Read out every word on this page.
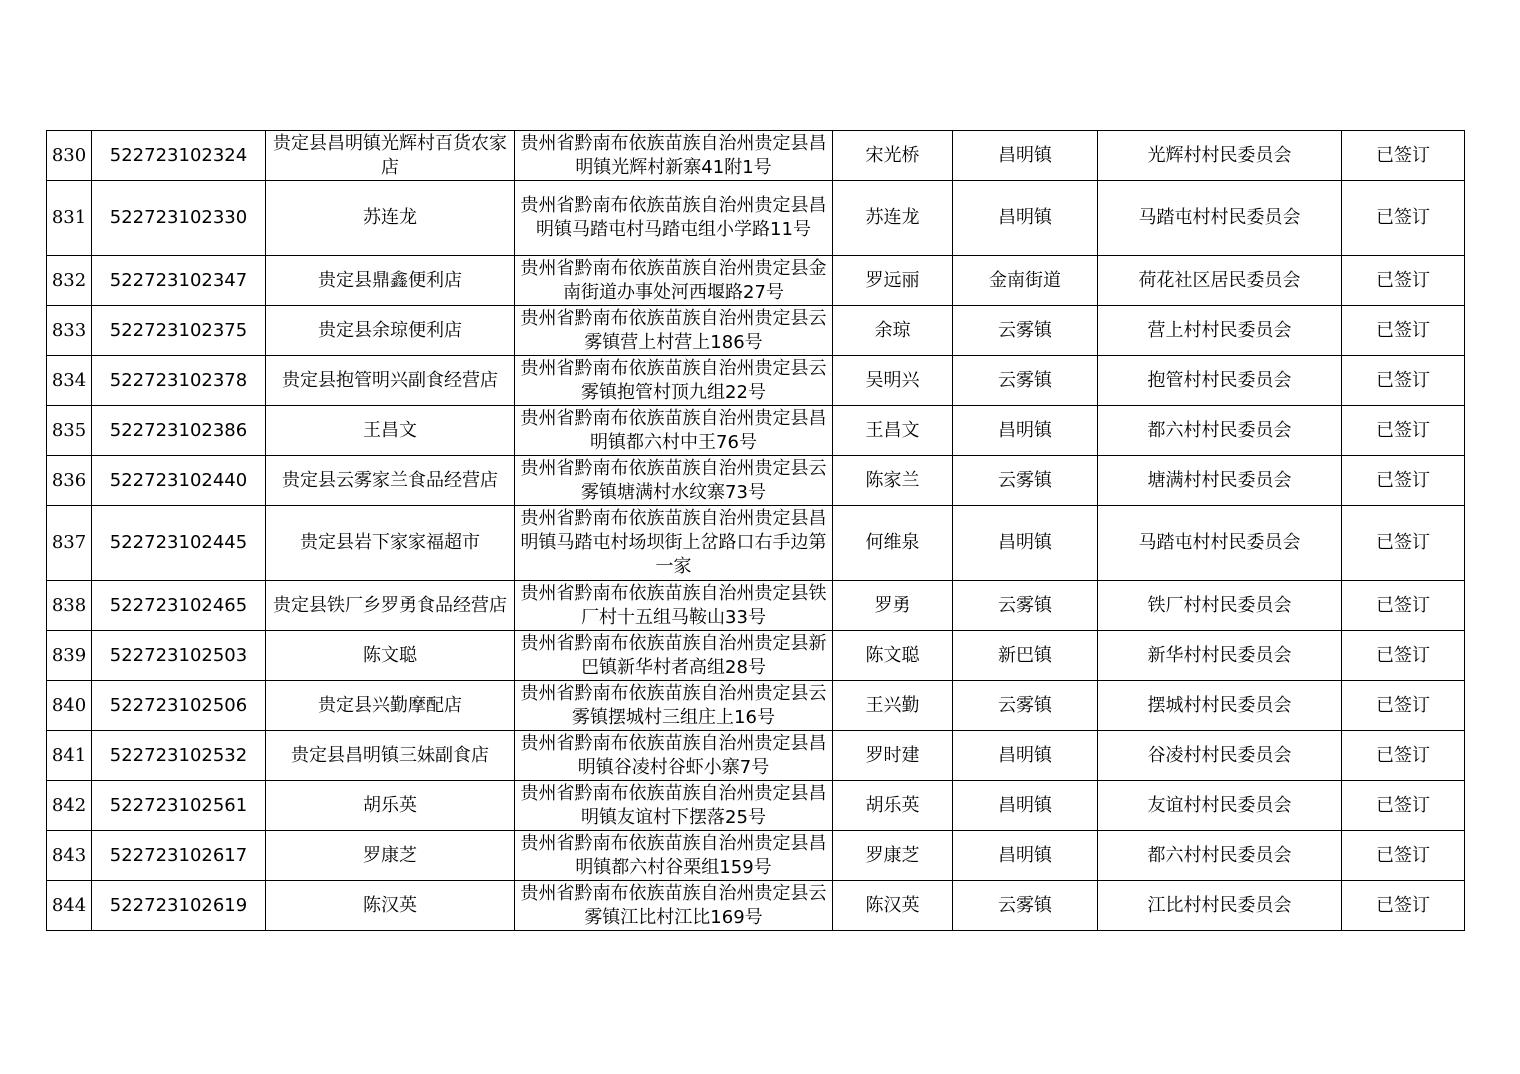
830	522723102324	贵定县昌明镇光辉村百货农家店	贵州省黔南布依族苗族自治州贵定县昌明镇光辉村新寨41附1号	宋光桥	昌明镇	光辉村村民委员会	已签订
831	522723102330	苏连龙	贵州省黔南布依族苗族自治州贵定县昌明镇马踏屯村马踏屯组小学路11号	苏连龙	昌明镇	马踏屯村村民委员会	已签订
832	522723102347	贵定县鼎鑫便利店	贵州省黔南布依族苗族自治州贵定县金南街道办事处河西堰路27号	罗远丽	金南街道	荷花社区居民委员会	已签订
833	522723102375	贵定县余琼便利店	贵州省黔南布依族苗族自治州贵定县云雾镇营上村营上186号	余琼	云雾镇	营上村村民委员会	已签订
834	522723102378	贵定县抱管明兴副食经营店	贵州省黔南布依族苗族自治州贵定县云雾镇抱管村顶九组22号	吴明兴	云雾镇	抱管村村民委员会	已签订
835	522723102386	王昌文	贵州省黔南布依族苗族自治州贵定县昌明镇都六村中王76号	王昌文	昌明镇	都六村村民委员会	已签订
836	522723102440	贵定县云雾家兰食品经营店	贵州省黔南布依族苗族自治州贵定县云雾镇塘满村水纹寨73号	陈家兰	云雾镇	塘满村村民委员会	已签订
837	522723102445	贵定县岩下家家福超市	贵州省黔南布依族苗族自治州贵定县昌明镇马踏屯村场坝街上岔路口右手边第一家	何维泉	昌明镇	马踏屯村村民委员会	已签订
838	522723102465	贵定县铁厂乡罗勇食品经营店	贵州省黔南布依族苗族自治州贵定县铁厂村十五组马鞍山33号	罗勇	云雾镇	铁厂村村民委员会	已签订
839	522723102503	陈文聪	贵州省黔南布依族苗族自治州贵定县新巴镇新华村者高组28号	陈文聪	新巴镇	新华村村民委员会	已签订
840	522723102506	贵定县兴勤摩配店	贵州省黔南布依族苗族自治州贵定县云雾镇摆城村三组庄上16号	王兴勤	云雾镇	摆城村村民委员会	已签订
841	522723102532	贵定县昌明镇三妹副食店	贵州省黔南布依族苗族自治州贵定县昌明镇谷凌村谷虾小寨7号	罗时建	昌明镇	谷凌村村民委员会	已签订
842	522723102561	胡乐英	贵州省黔南布依族苗族自治州贵定县昌明镇友谊村下摆落25号	胡乐英	昌明镇	友谊村村民委员会	已签订
843	522723102617	罗康芝	贵州省黔南布依族苗族自治州贵定县昌明镇都六村谷栗组159号	罗康芝	昌明镇	都六村村民委员会	已签订
844	522723102619	陈汉英	贵州省黔南布依族苗族自治州贵定县云雾镇江比村江比169号	陈汉英	云雾镇	江比村村民委员会	已签订
